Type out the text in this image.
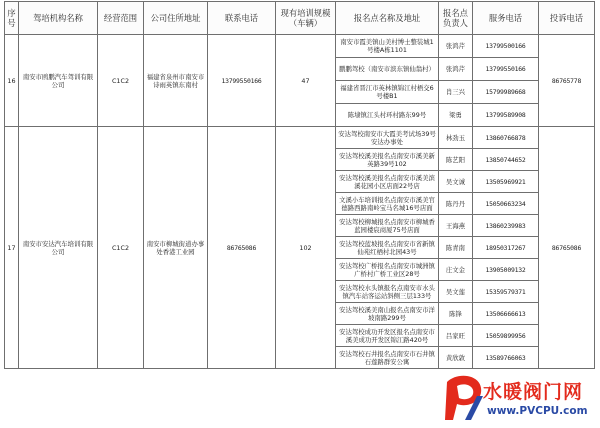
序号	驾培机构名称	经营范围	公司住所地址	联系电话	现有培训规模（车辆）	报名点名称及地址	报名点负责人	服务电话	投诉电话
16	南安市鸥鹏汽车驾训有限公司	C1C2	福建省泉州市南安市诗雨英镇东南村	13799550166	47	南安市霞美镇山美村博士整装城1号楼A栋1101	张鸿芹	13799500166	86765778
						鹏鹏驾校（南安市滨东镇仙翁村）	张鸿芹	13799550166	
						福建省晋江市英林镇锦江村梧交6号楼B1	肖三兴	15799989668	
						陈埭镇江头村环村路东99号	梁勇	13799589908	
17	南安市安达汽车培训有限公司	C1C2	南安市柳城街道办事处香港工业园	86765086	102	安达驾校南安市大霞美考试场39号安达办事处	林劲玉	13860766878	86765086
						安达驾校溪美报名点南安市溪美新英路39号102	陈艺阳	13850744652	
						安达驾校溪美报名点南安市溪美滨溪花园小区店面22号店	吴文诚	13505969921	
						文溪小车培训报名点南安市溪美官德路西路南岭宝马名城16号店面	陈丹丹	15050663234	
						安达驾校柳城报名点南安市柳城香蓝园楼宸商厦75号店面	王海燕	13860239983	
						安达驾校蓝坡报名点南安市省新镇仙苑红栖村北园43号	陈青南	18950317267	
						安达驾校广桥报名点南安市城洲镇广桥村广桥工业区28号	庄文金	13905009132	
						安达驾校水头镇报名点南安市水头镇汽车站客运站斜侧三层133号	吴文莲	15359579371	
						安达驾校溪美南山报名点南安市洋坡南路299号	陈锋	13506666613	
						安达驾校成功开发区报名点南安市溪美成功开发区锦江路420号	吕家旺	15059899956	
						安达驾校石井报名点南安市石井镇石莲路群安公寓	黄欣敦	13589766063	
水暖阀门网
www.PVCPU.com
